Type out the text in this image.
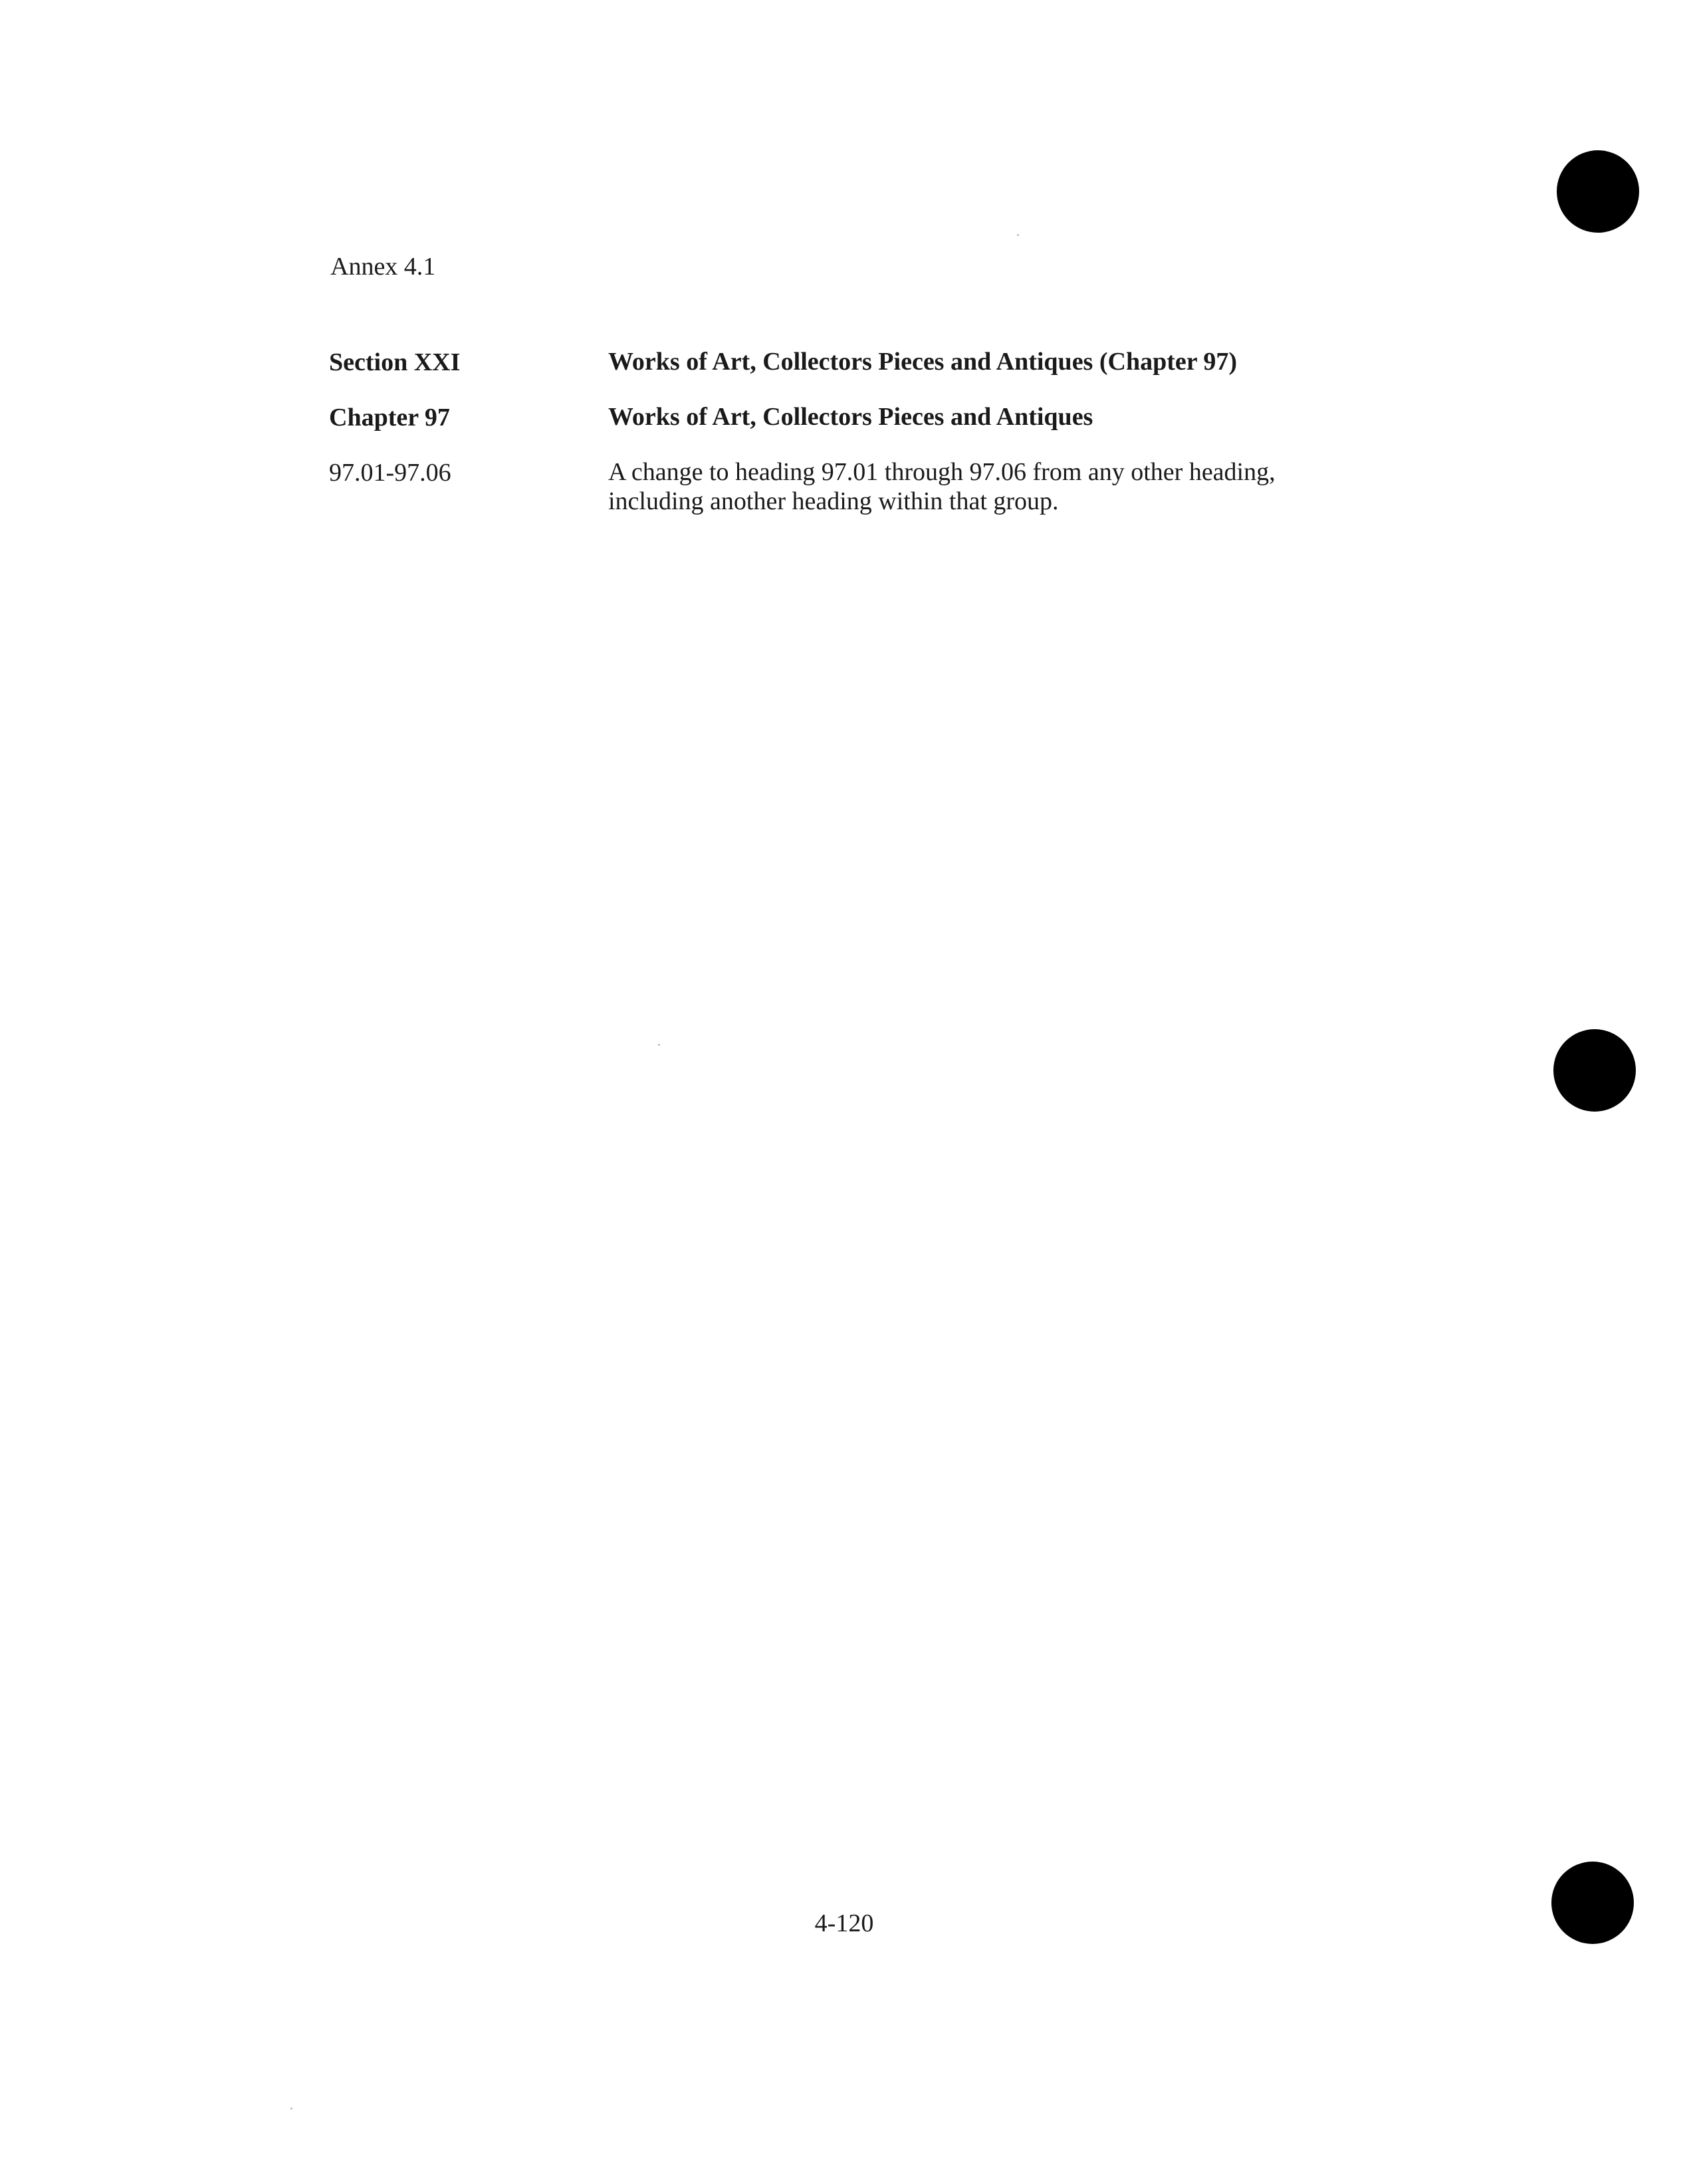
Annex 4.1
Section XXI	Works of Art, Collectors Pieces and Antiques (Chapter 97)
Chapter 97	Works of Art, Collectors Pieces and Antiques
97.01-97.06	A change to heading 97.01 through 97.06 from any other heading, including another heading within that group.
4-120
